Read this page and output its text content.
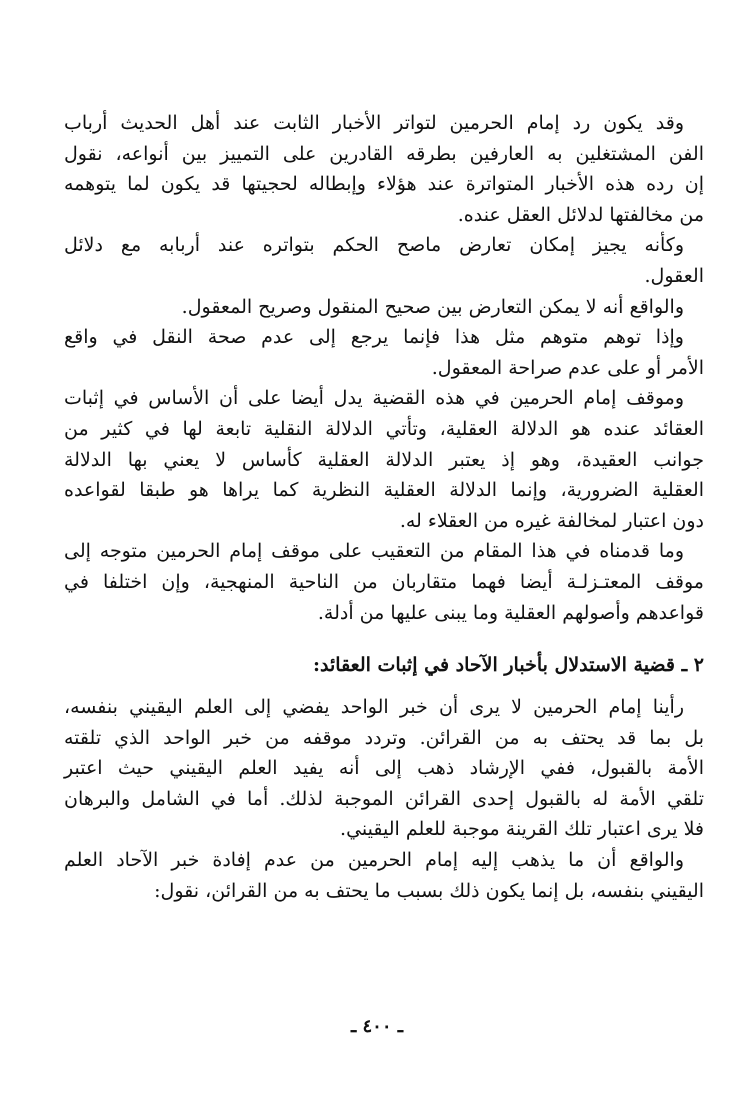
وقد يكون رد إمام الحرمين لتواتر الأخبار الثابت عند أهل الحديث أرباب
الفن المشتغلين به العارفين بطرقه القادرين على التمييز بين أنواعه، نقول
إن رده هذه الأخبار المتواترة عند هؤلاء وإبطاله لحجيتها قد يكون لما يتوهمه
من مخالفتها لدلائل العقل عنده.

وكأنه يجيز إمكان تعارض ماصح الحكم بتواتره عند أربابه مع دلائل
العقول.

والواقع أنه لا يمكن التعارض بين صحيح المنقول وصريح المعقول.

وإذا توهم متوهم مثل هذا فإنما يرجع إلى عدم صحة النقل في واقع
الأمر أو على عدم صراحة المعقول.

وموقف إمام الحرمين في هذه القضية يدل أيضا على أن الأساس في إثبات
العقائد عنده هو الدلالة العقلية، وتأتي الدلالة النقلية تابعة لها في كثير من
جوانب العقيدة، وهو إذ يعتبر الدلالة العقلية كأساس لا يعني بها الدلالة
العقلية الضرورية، وإنما الدلالة العقلية النظرية كما يراها هو طبقا لقواعده
دون اعتبار لمخالفة غيره من العقلاء له.

وما قدمناه في هذا المقام من التعقيب على موقف إمام الحرمين متوجه إلى
موقف المعتـزلـة أيضا فهما متقاربان من الناحية المنهجية، وإن اختلفا في
قواعدهم وأصولهم العقلية وما يبنى عليها من أدلة.

٢ ـ قضية الاستدلال بأخبار الآحاد في إثبات العقائد:

رأينا إمام الحرمين لا يرى أن خبر الواحد يفضي إلى العلم اليقيني بنفسه،
بل بما قد يحتف به من القرائن. وتردد موقفه من خبر الواحد الذي تلقته
الأمة بالقبول، ففي الإرشاد ذهب إلى أنه يفيد العلم اليقيني حيث اعتبر
تلقي الأمة له بالقبول إحدى القرائن الموجبة لذلك. أما في الشامل والبرهان
فلا يرى اعتبار تلك القرينة موجبة للعلم اليقيني.

والواقع أن ما يذهب إليه إمام الحرمين من عدم إفادة خبر الآحاد العلم
اليقيني بنفسه، بل إنما يكون ذلك بسبب ما يحتف به من القرائن، نقول:

ـ ٤٠٠ ـ
